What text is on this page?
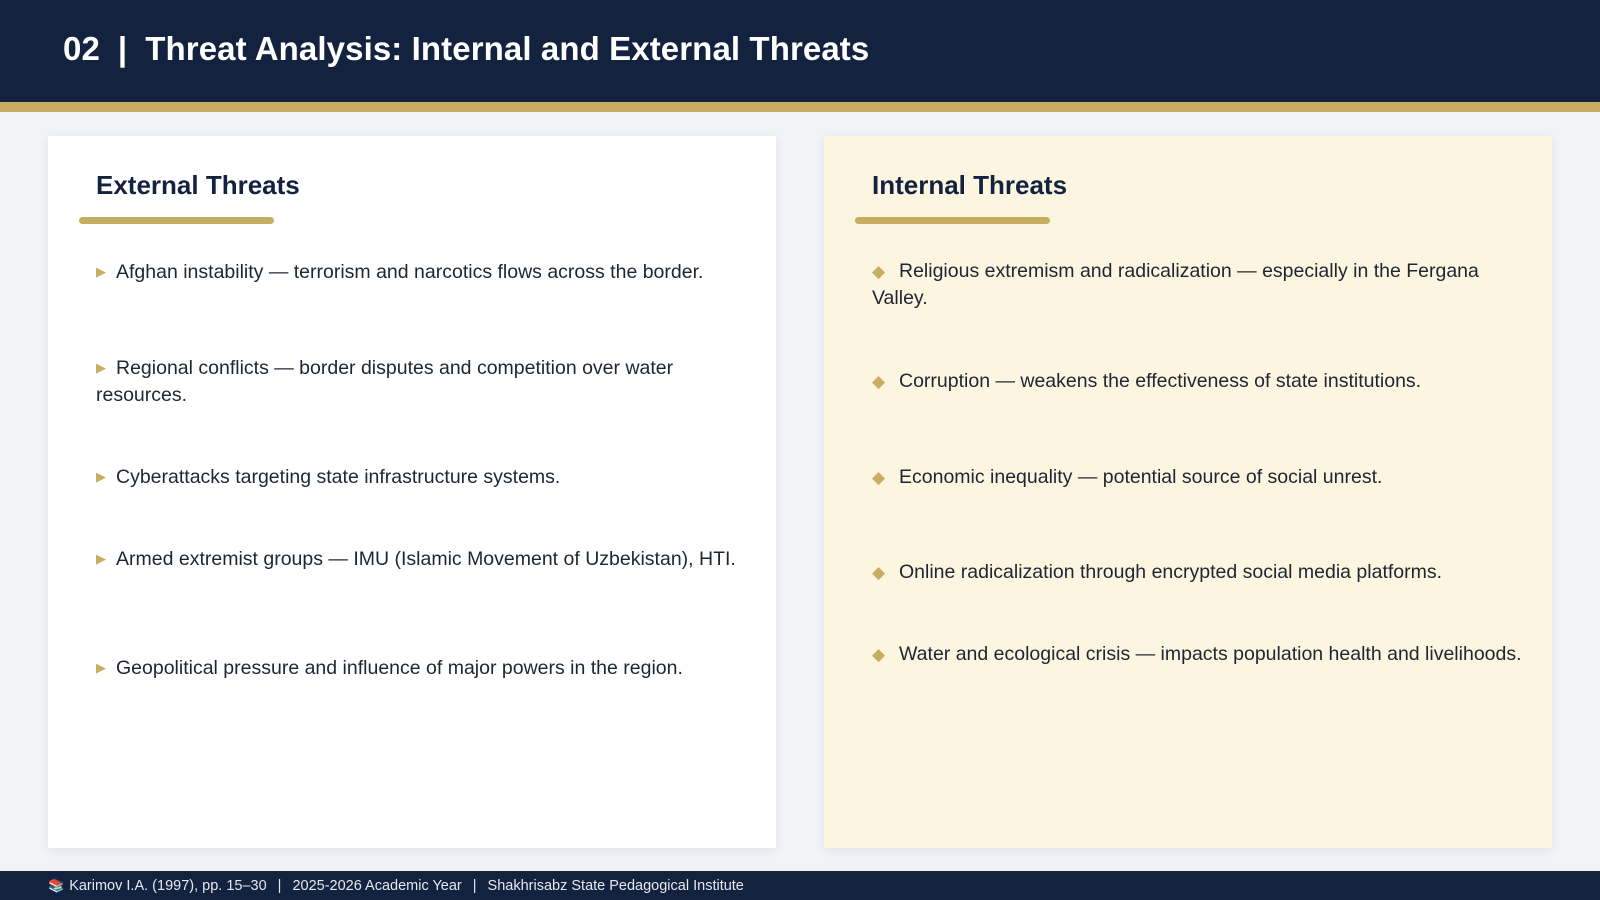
02 | Threat Analysis: Internal and External Threats
External Threats
▶ Afghan instability — terrorism and narcotics flows across the border.
▶ Regional conflicts — border disputes and competition over water resources.
▶ Cyberattacks targeting state infrastructure systems.
▶ Armed extremist groups — IMU (Islamic Movement of Uzbekistan), HTI.
▶ Geopolitical pressure and influence of major powers in the region.
Internal Threats
◆ Religious extremism and radicalization — especially in the Fergana Valley.
◆ Corruption — weakens the effectiveness of state institutions.
◆ Economic inequality — potential source of social unrest.
◆ Online radicalization through encrypted social media platforms.
◆ Water and ecological crisis — impacts population health and livelihoods.
📚 Karimov I.A. (1997), pp. 15–30 | 2025-2026 Academic Year | Shakhrisabz State Pedagogical Institute
